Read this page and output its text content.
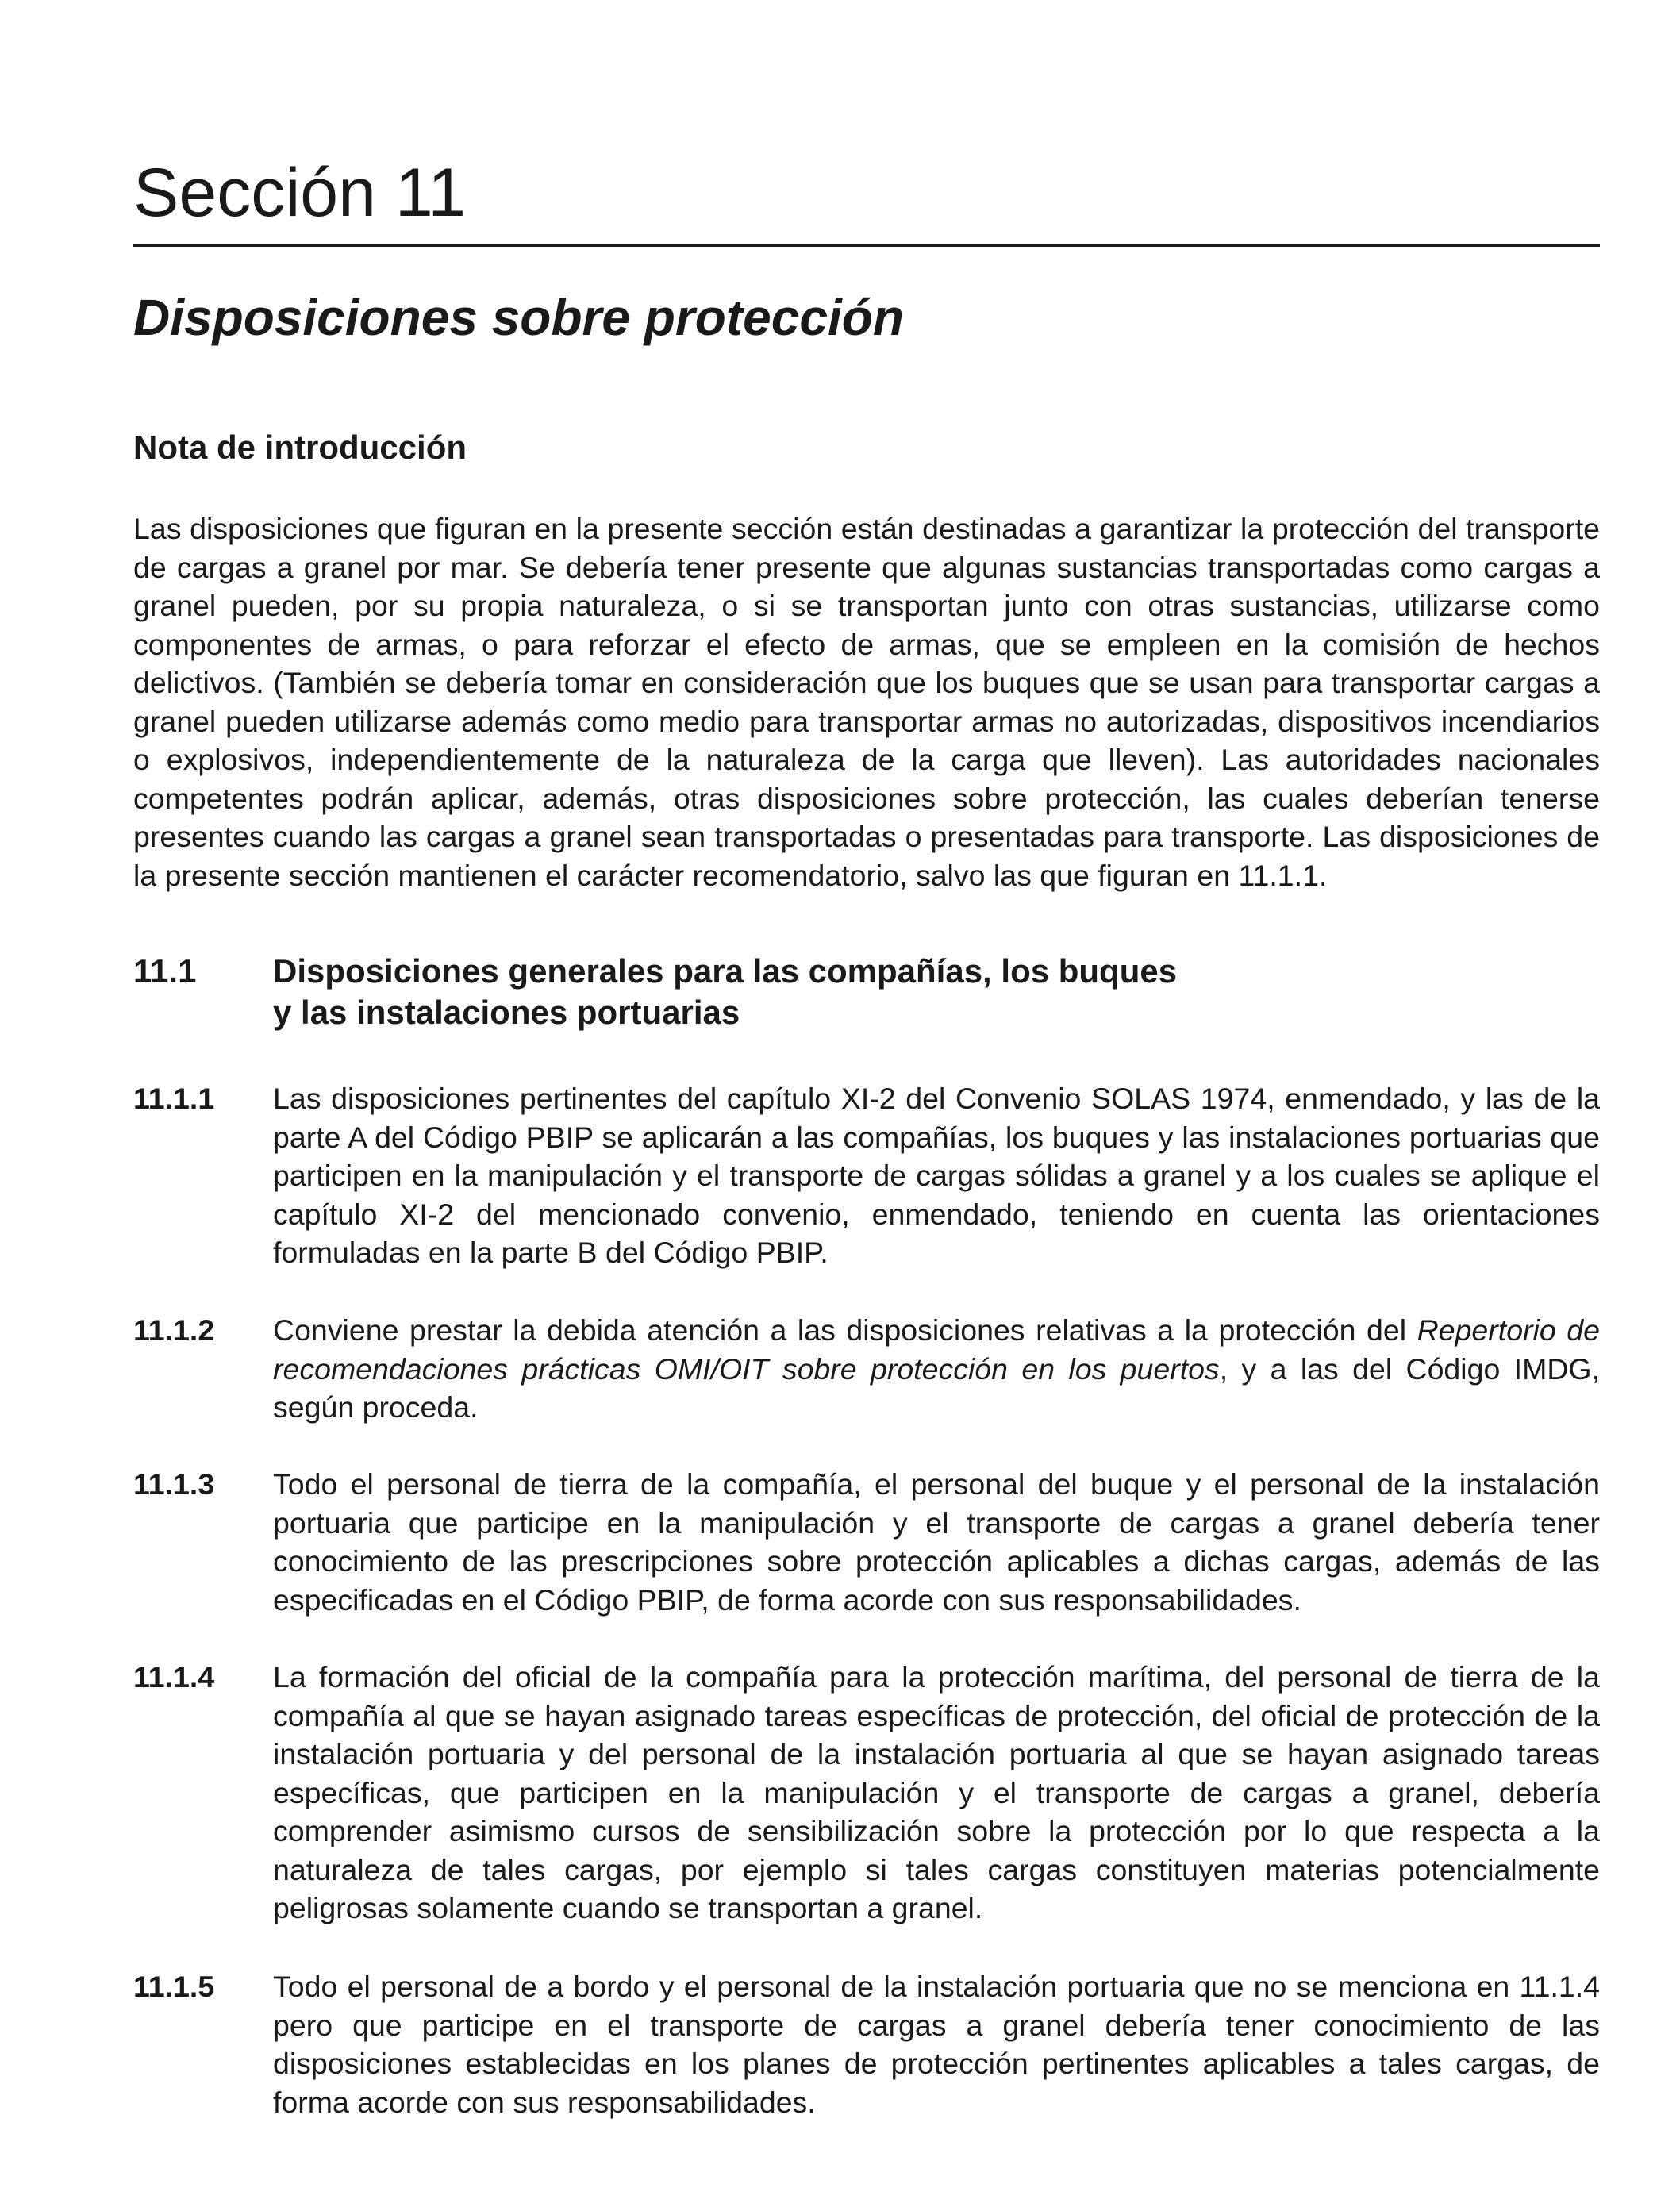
Sección 11
Disposiciones sobre protección
Nota de introducción

Las disposiciones que figuran en la presente sección están destinadas a garantizar la protección del transporte de cargas a granel por mar. Se debería tener presente que algunas sustancias transportadas como cargas a granel pueden, por su propia naturaleza, o si se transportan junto con otras sustancias, utilizarse como componentes de armas, o para reforzar el efecto de armas, que se empleen en la comisión de hechos delictivos. (También se debería tomar en consideración que los buques que se usan para transportar cargas a granel pueden utilizarse además como medio para transportar armas no autorizadas, dispositivos incendiarios o explosivos, independientemente de la naturaleza de la carga que lleven). Las autoridades nacionales competentes podrán aplicar, además, otras disposiciones sobre protección, las cuales deberían tenerse presentes cuando las cargas a granel sean transportadas o presentadas para transporte. Las disposiciones de la presente sección mantienen el carácter recomendatorio, salvo las que figuran en 11.1.1.

11.1 Disposiciones generales para las compañías, los buques
y las instalaciones portuarias
11.1.1 Las disposiciones pertinentes del capítulo XI-2 del Convenio SOLAS 1974, enmendado, y las de la parte A del Código PBIP se aplicarán a las compañías, los buques y las instalaciones portuarias que participen en la manipulación y el transporte de cargas sólidas a granel y a los cuales se aplique el capítulo XI-2 del mencionado convenio, enmendado, teniendo en cuenta las orientaciones formuladas en la parte B del Código PBIP.

11.1.2 Conviene prestar la debida atención a las disposiciones relativas a la protección del Repertorio de recomendaciones prácticas OMI/OIT sobre protección en los puertos, y a las del Código IMDG, según proceda.

11.1.3 Todo el personal de tierra de la compañía, el personal del buque y el personal de la instalación portuaria que participe en la manipulación y el transporte de cargas a granel debería tener conocimiento de las prescripciones sobre protección aplicables a dichas cargas, además de las especificadas en el Código PBIP, de forma acorde con sus responsabilidades.

11.1.4 La formación del oficial de la compañía para la protección marítima, del personal de tierra de la compañía al que se hayan asignado tareas específicas de protección, del oficial de protección de la instalación portuaria y del personal de la instalación portuaria al que se hayan asignado tareas específicas, que participen en la manipulación y el transporte de cargas a granel, debería comprender asimismo cursos de sensibilización sobre la protección por lo que respecta a la naturaleza de tales cargas, por ejemplo si tales cargas constituyen materias potencialmente peligrosas solamente cuando se transportan a granel.

11.1.5 Todo el personal de a bordo y el personal de la instalación portuaria que no se menciona en 11.1.4 pero que participe en el transporte de cargas a granel debería tener conocimiento de las disposiciones establecidas en los planes de protección pertinentes aplicables a tales cargas, de forma acorde con sus responsabilidades.
